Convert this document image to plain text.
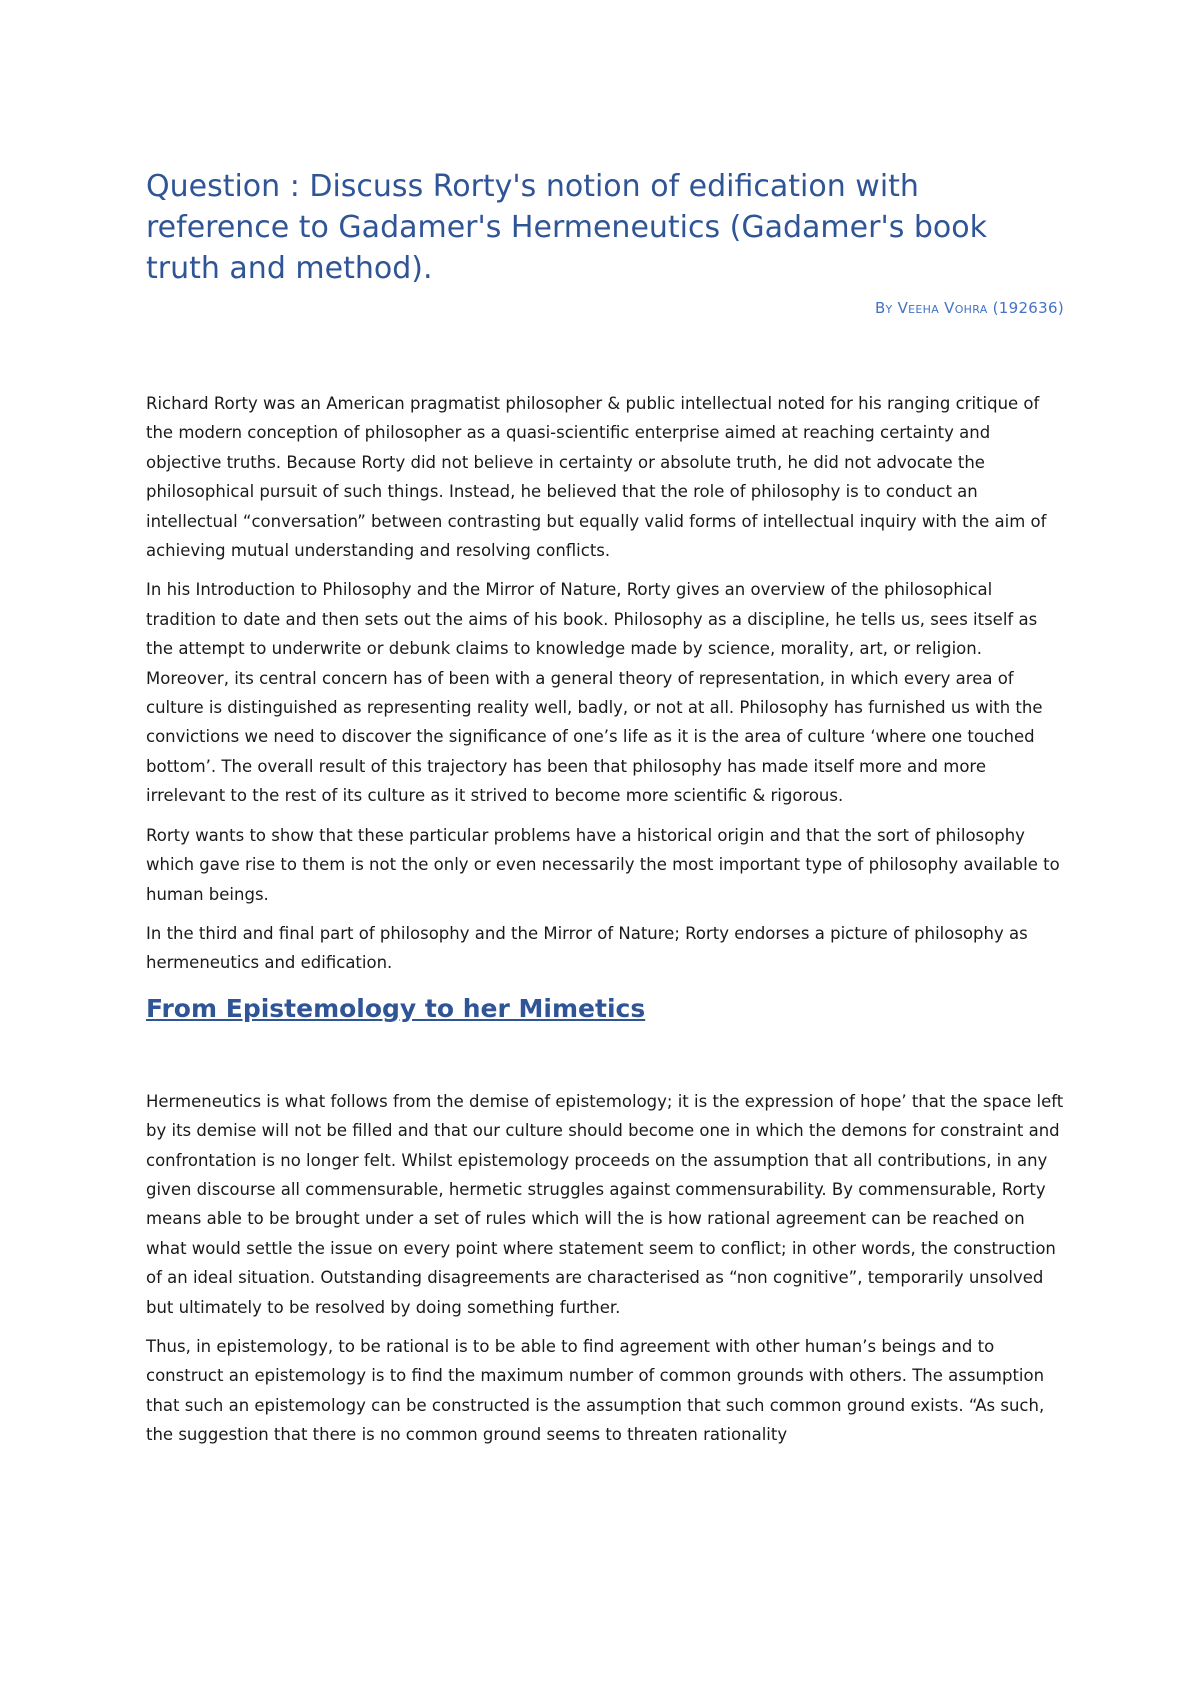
Question : Discuss Rorty's notion of edification with reference to Gadamer's Hermeneutics (Gadamer's book truth and method).
By Veeha Vohra (192636)

Richard Rorty was an American pragmatist philosopher & public intellectual noted for his ranging critique of the modern conception of philosopher as a quasi-scientific enterprise aimed at reaching certainty and objective truths. Because Rorty did not believe in certainty or absolute truth, he did not advocate the philosophical pursuit of such things. Instead, he believed that the role of philosophy is to conduct an intellectual “conversation” between contrasting but equally valid forms of intellectual inquiry with the aim of achieving mutual understanding and resolving conflicts.

In his Introduction to Philosophy and the Mirror of Nature, Rorty gives an overview of the philosophical tradition to date and then sets out the aims of his book. Philosophy as a discipline, he tells us, sees itself as the attempt to underwrite or debunk claims to knowledge made by science, morality, art, or religion. Moreover, its central concern has of been with a general theory of representation, in which every area of culture is distinguished as representing reality well, badly, or not at all. Philosophy has furnished us with the convictions we need to discover the significance of one’s life as it is the area of culture ‘where one touched bottom’. The overall result of this trajectory has been that philosophy has made itself more and more irrelevant to the rest of its culture as it strived to become more scientific & rigorous.

Rorty wants to show that these particular problems have a historical origin and that the sort of philosophy which gave rise to them is not the only or even necessarily the most important type of philosophy available to human beings.

In the third and final part of philosophy and the Mirror of Nature; Rorty endorses a picture of philosophy as hermeneutics and edification.

From Epistemology to her Mimetics

Hermeneutics is what follows from the demise of epistemology; it is the expression of hope’ that the space left by its demise will not be filled and that our culture should become one in which the demons for constraint and confrontation is no longer felt. Whilst epistemology proceeds on the assumption that all contributions, in any given discourse all commensurable, hermetic struggles against commensurability. By commensurable, Rorty means able to be brought under a set of rules which will the is how rational agreement can be reached on what would settle the issue on every point where statement seem to conflict; in other words, the construction of an ideal situation. Outstanding disagreements are characterised as “non cognitive”, temporarily unsolved but ultimately to be resolved by doing something further.

Thus, in epistemology, to be rational is to be able to find agreement with other human’s beings and to construct an epistemology is to find the maximum number of common grounds with others. The assumption that such an epistemology can be constructed is the assumption that such common ground exists. “As such, the suggestion that there is no common ground seems to threaten rationality
